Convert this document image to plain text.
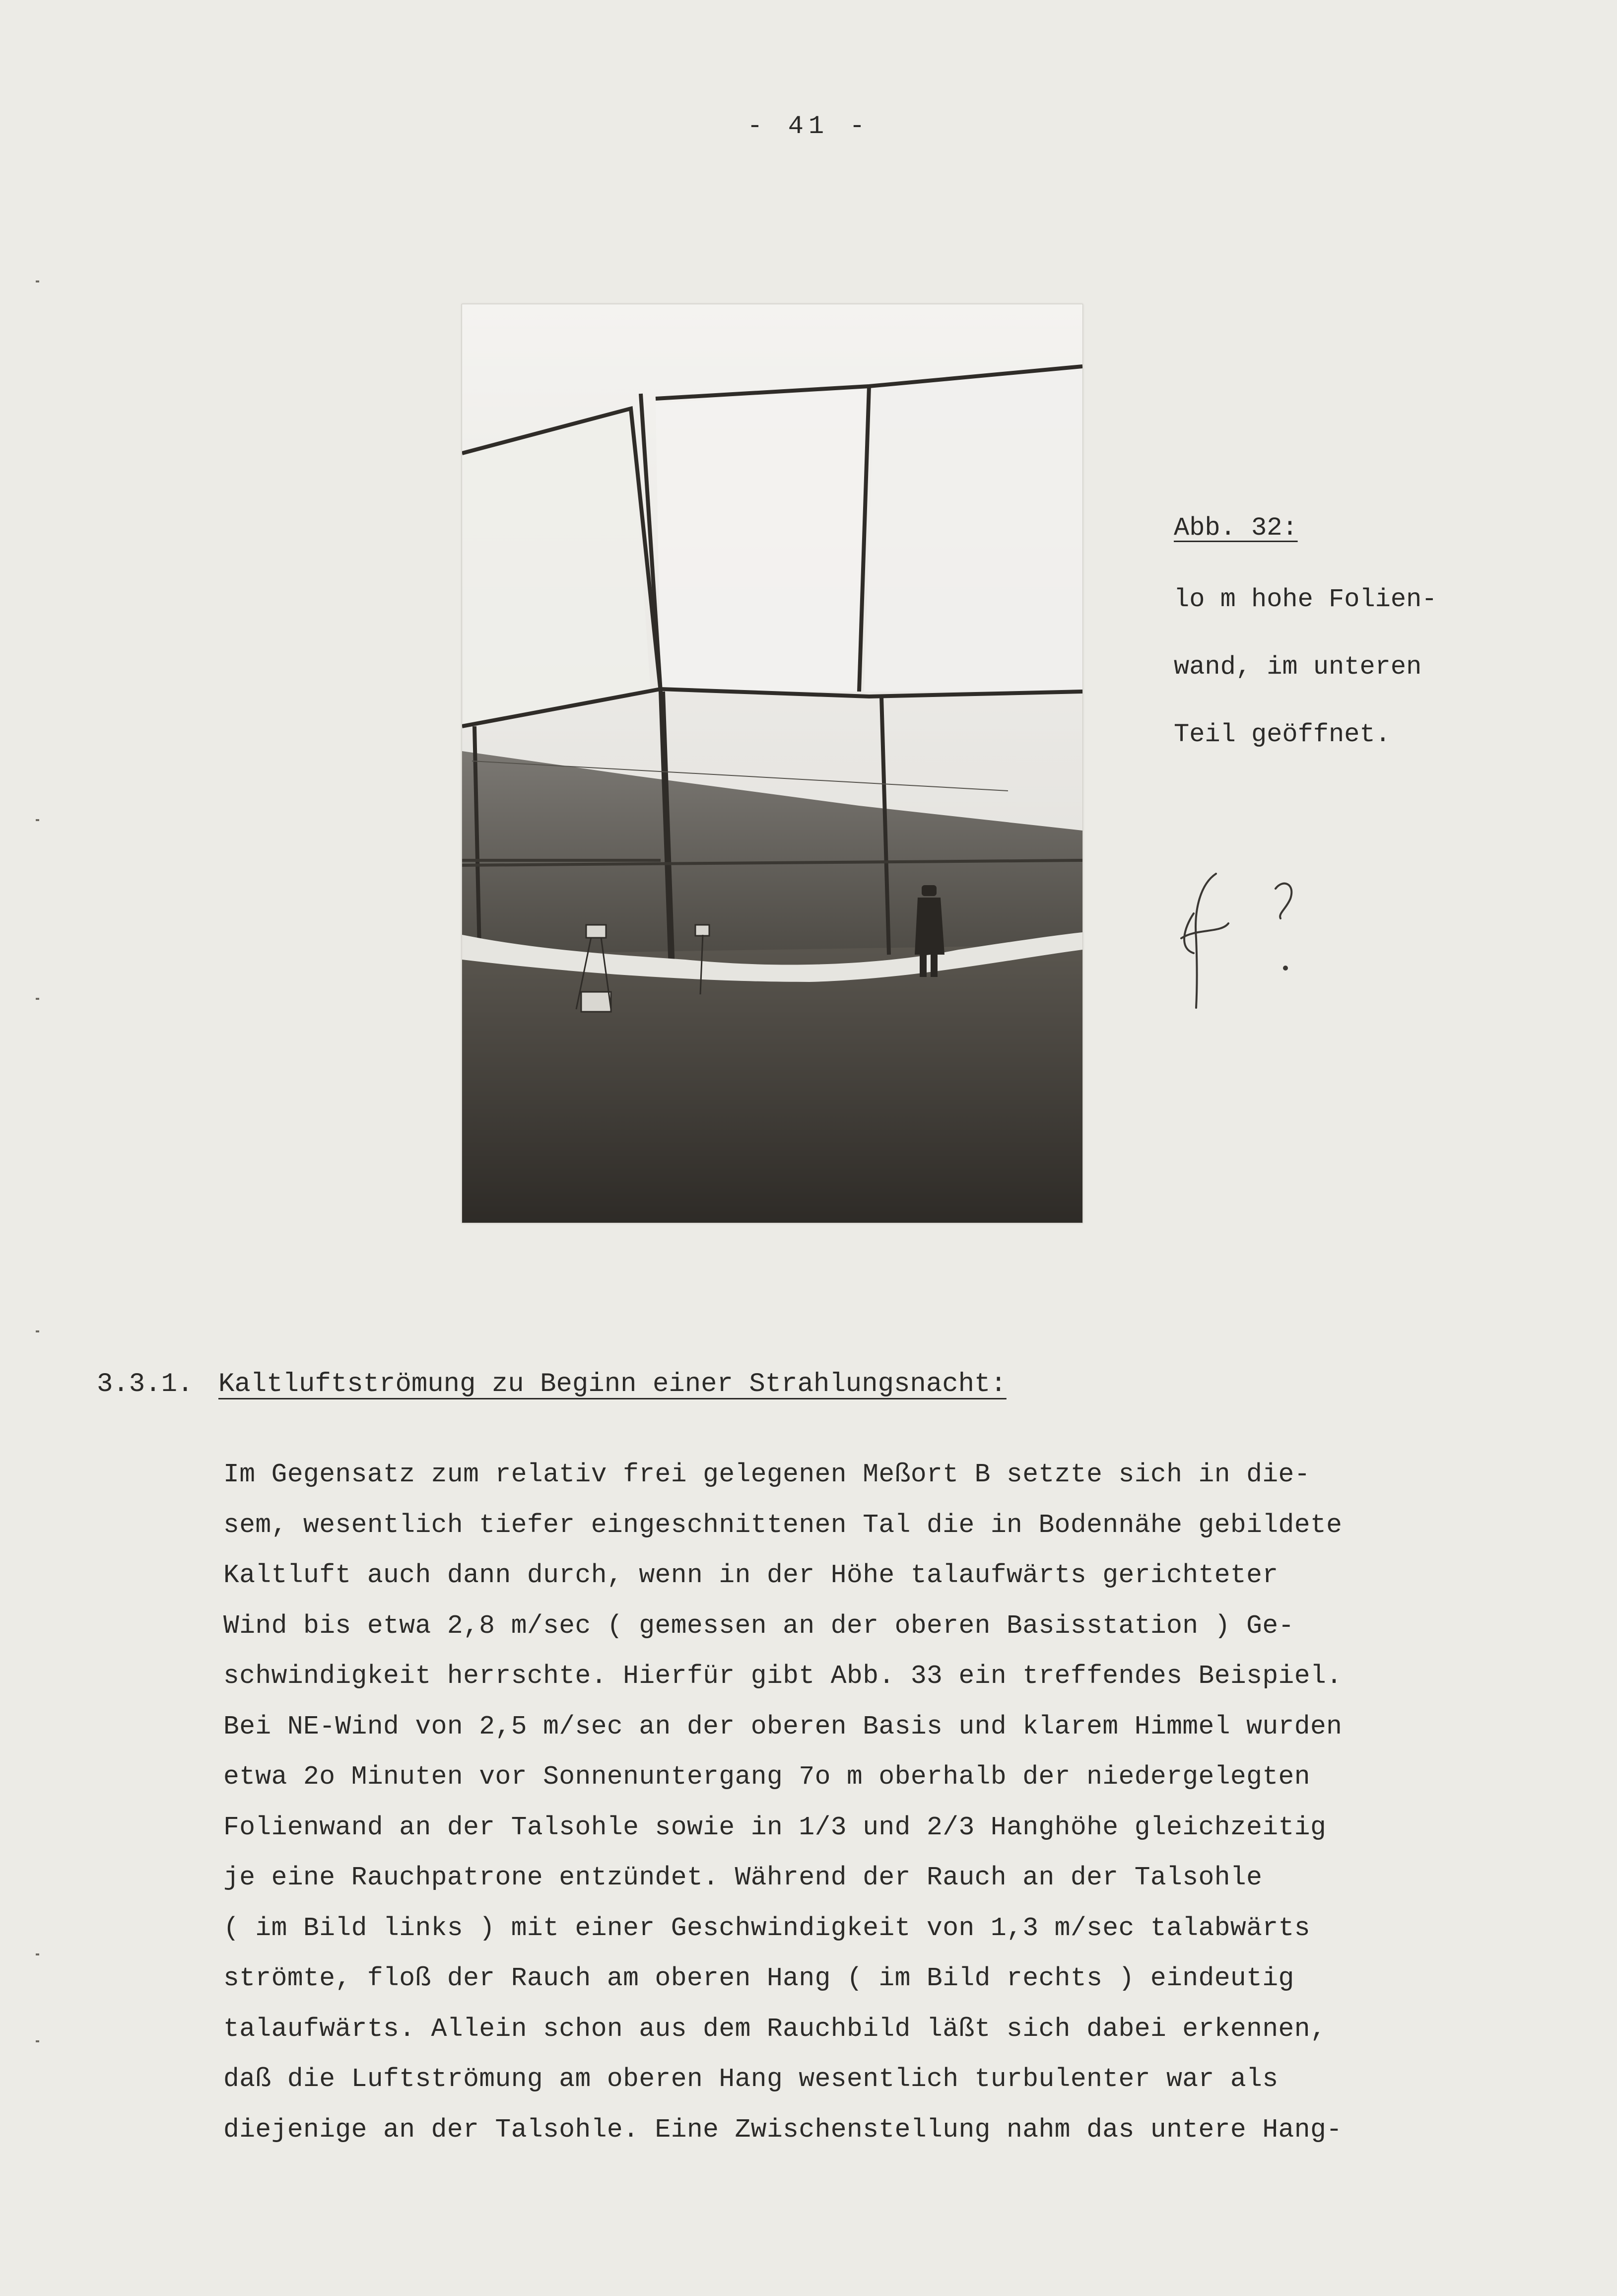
- 41 -
Abb. 32:

lo m hohe Folien-

wand, im unteren

Teil geöffnet.

3.3.1. Kaltluftströmung zu Beginn einer Strahlungsnacht:
Im Gegensatz zum relativ frei gelegenen Meßort B setzte sich in die-
sem, wesentlich tiefer eingeschnittenen Tal die in Bodennähe gebildete
Kaltluft auch dann durch, wenn in der Höhe talaufwärts gerichteter
Wind bis etwa 2,8 m/sec ( gemessen an der oberen Basisstation ) Ge-
schwindigkeit herrschte. Hierfür gibt Abb. 33 ein treffendes Beispiel.
Bei NE-Wind von 2,5 m/sec an der oberen Basis und klarem Himmel wurden
etwa 2o Minuten vor Sonnenuntergang 7o m oberhalb der niedergelegten
Folienwand an der Talsohle sowie in 1/3 und 2/3 Hanghöhe gleichzeitig
je eine Rauchpatrone entzündet. Während der Rauch an der Talsohle
( im Bild links ) mit einer Geschwindigkeit von 1,3 m/sec talabwärts
strömte, floß der Rauch am oberen Hang ( im Bild rechts ) eindeutig
talaufwärts. Allein schon aus dem Rauchbild läßt sich dabei erkennen,
daß die Luftströmung am oberen Hang wesentlich turbulenter war als
diejenige an der Talsohle. Eine Zwischenstellung nahm das untere Hang-
